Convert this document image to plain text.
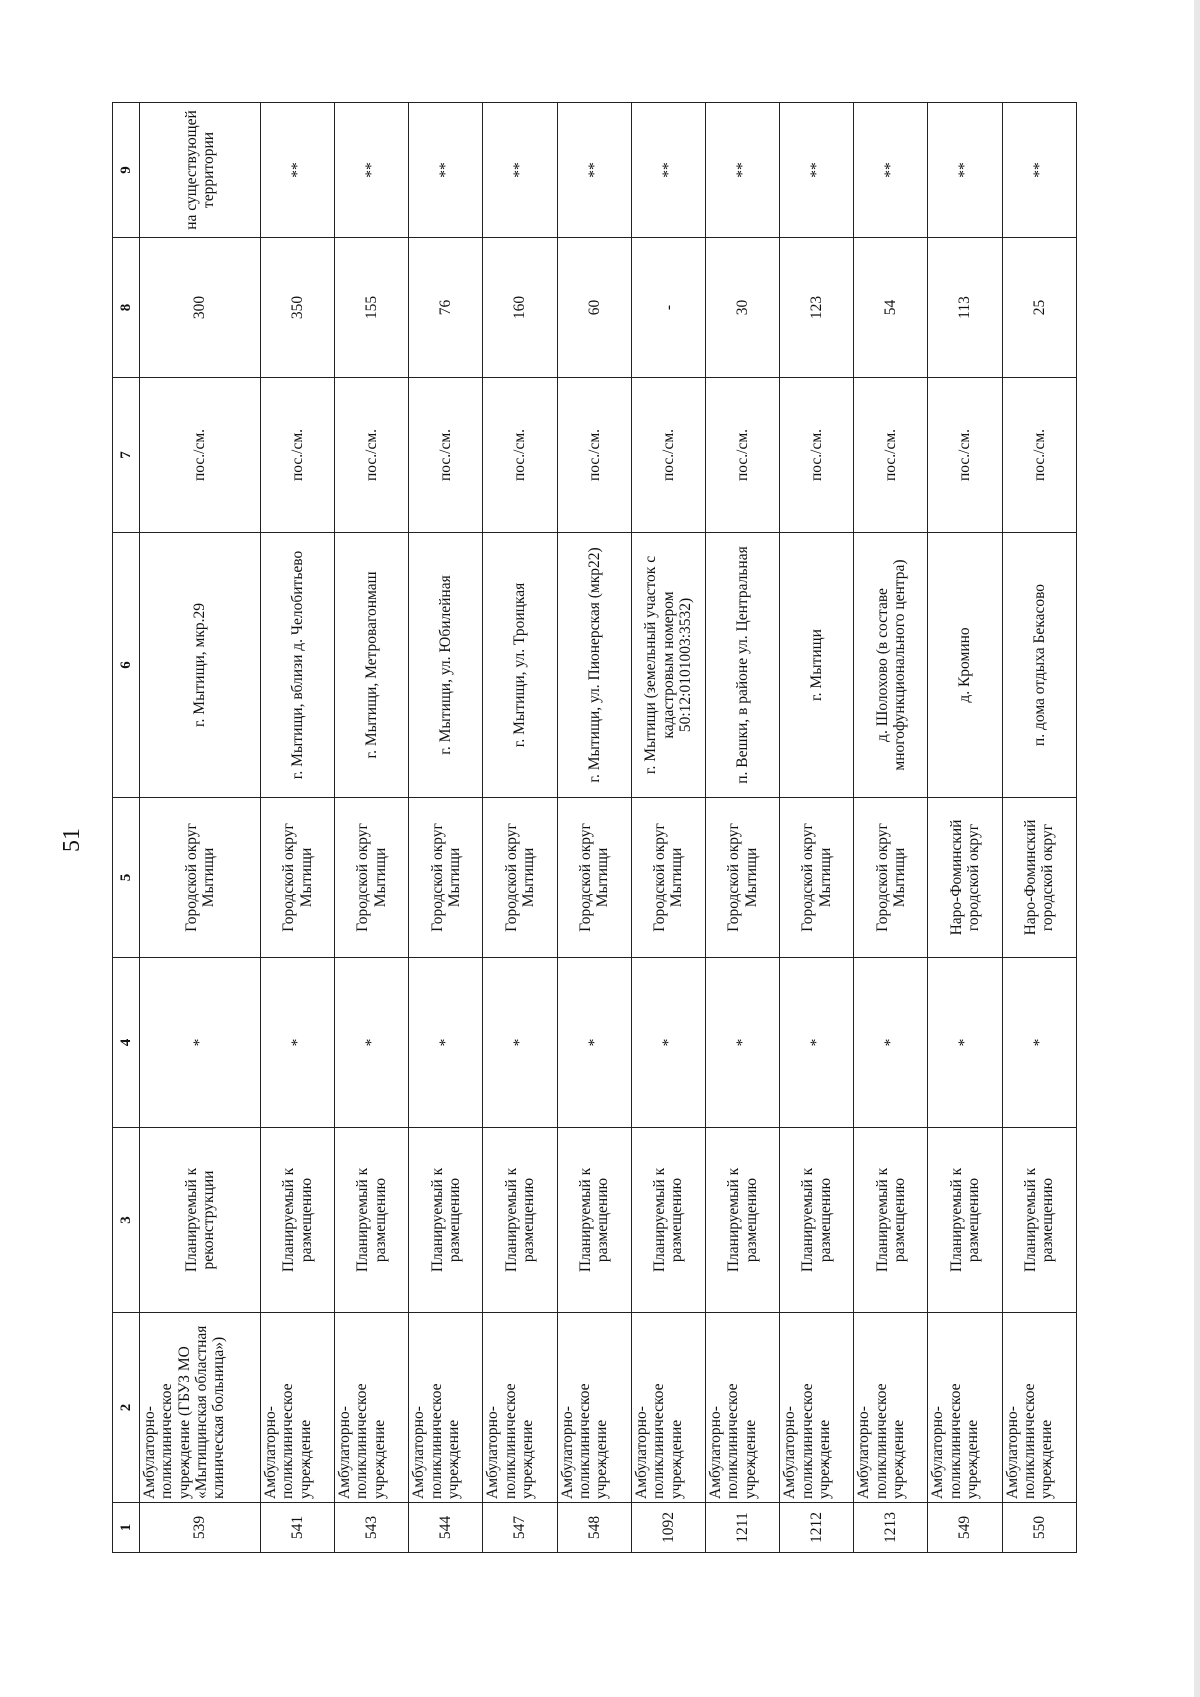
51
1	2	3	4	5	6	7	8	9
539	Амбулаторно-поликлиническое учреждение (ГБУЗ МО «Мытищинская областная клиническая больница»)	Планируемый к реконструкции	*	Городской округ Мытищи	г. Мытищи, мкр.29	пос./см.	300	на существующей территории
541	Амбулаторно-поликлиническое учреждение	Планируемый к размещению	*	Городской округ Мытищи	г. Мытищи, вблизи д. Челобитьево	пос./см.	350	**
543	Амбулаторно-поликлиническое учреждение	Планируемый к размещению	*	Городской округ Мытищи	г. Мытищи, Метровагонмаш	пос./см.	155	**
544	Амбулаторно-поликлиническое учреждение	Планируемый к размещению	*	Городской округ Мытищи	г. Мытищи, ул. Юбилейная	пос./см.	76	**
547	Амбулаторно-поликлиническое учреждение	Планируемый к размещению	*	Городской округ Мытищи	г. Мытищи, ул. Троицкая	пос./см.	160	**
548	Амбулаторно-поликлиническое учреждение	Планируемый к размещению	*	Городской округ Мытищи	г. Мытищи, ул. Пионерская (мкр22)	пос./см.	60	**
1092	Амбулаторно-поликлиническое учреждение	Планируемый к размещению	*	Городской округ Мытищи	г. Мытищи (земельный участок с кадастровым номером 50:12:0101003:3532)	пос./см.	-	**
1211	Амбулаторно-поликлиническое учреждение	Планируемый к размещению	*	Городской округ Мытищи	п. Вешки, в районе ул. Центральная	пос./см.	30	**
1212	Амбулаторно-поликлиническое учреждение	Планируемый к размещению	*	Городской округ Мытищи	г. Мытищи	пос./см.	123	**
1213	Амбулаторно-поликлиническое учреждение	Планируемый к размещению	*	Городской округ Мытищи	д. Шолохово (в составе многофункционального центра)	пос./см.	54	**
549	Амбулаторно-поликлиническое учреждение	Планируемый к размещению	*	Наро-Фоминский городской округ	д. Кромино	пос./см.	113	**
550	Амбулаторно-поликлиническое учреждение	Планируемый к размещению	*	Наро-Фоминский городской округ	п. дома отдыха Бекасово	пос./см.	25	**
